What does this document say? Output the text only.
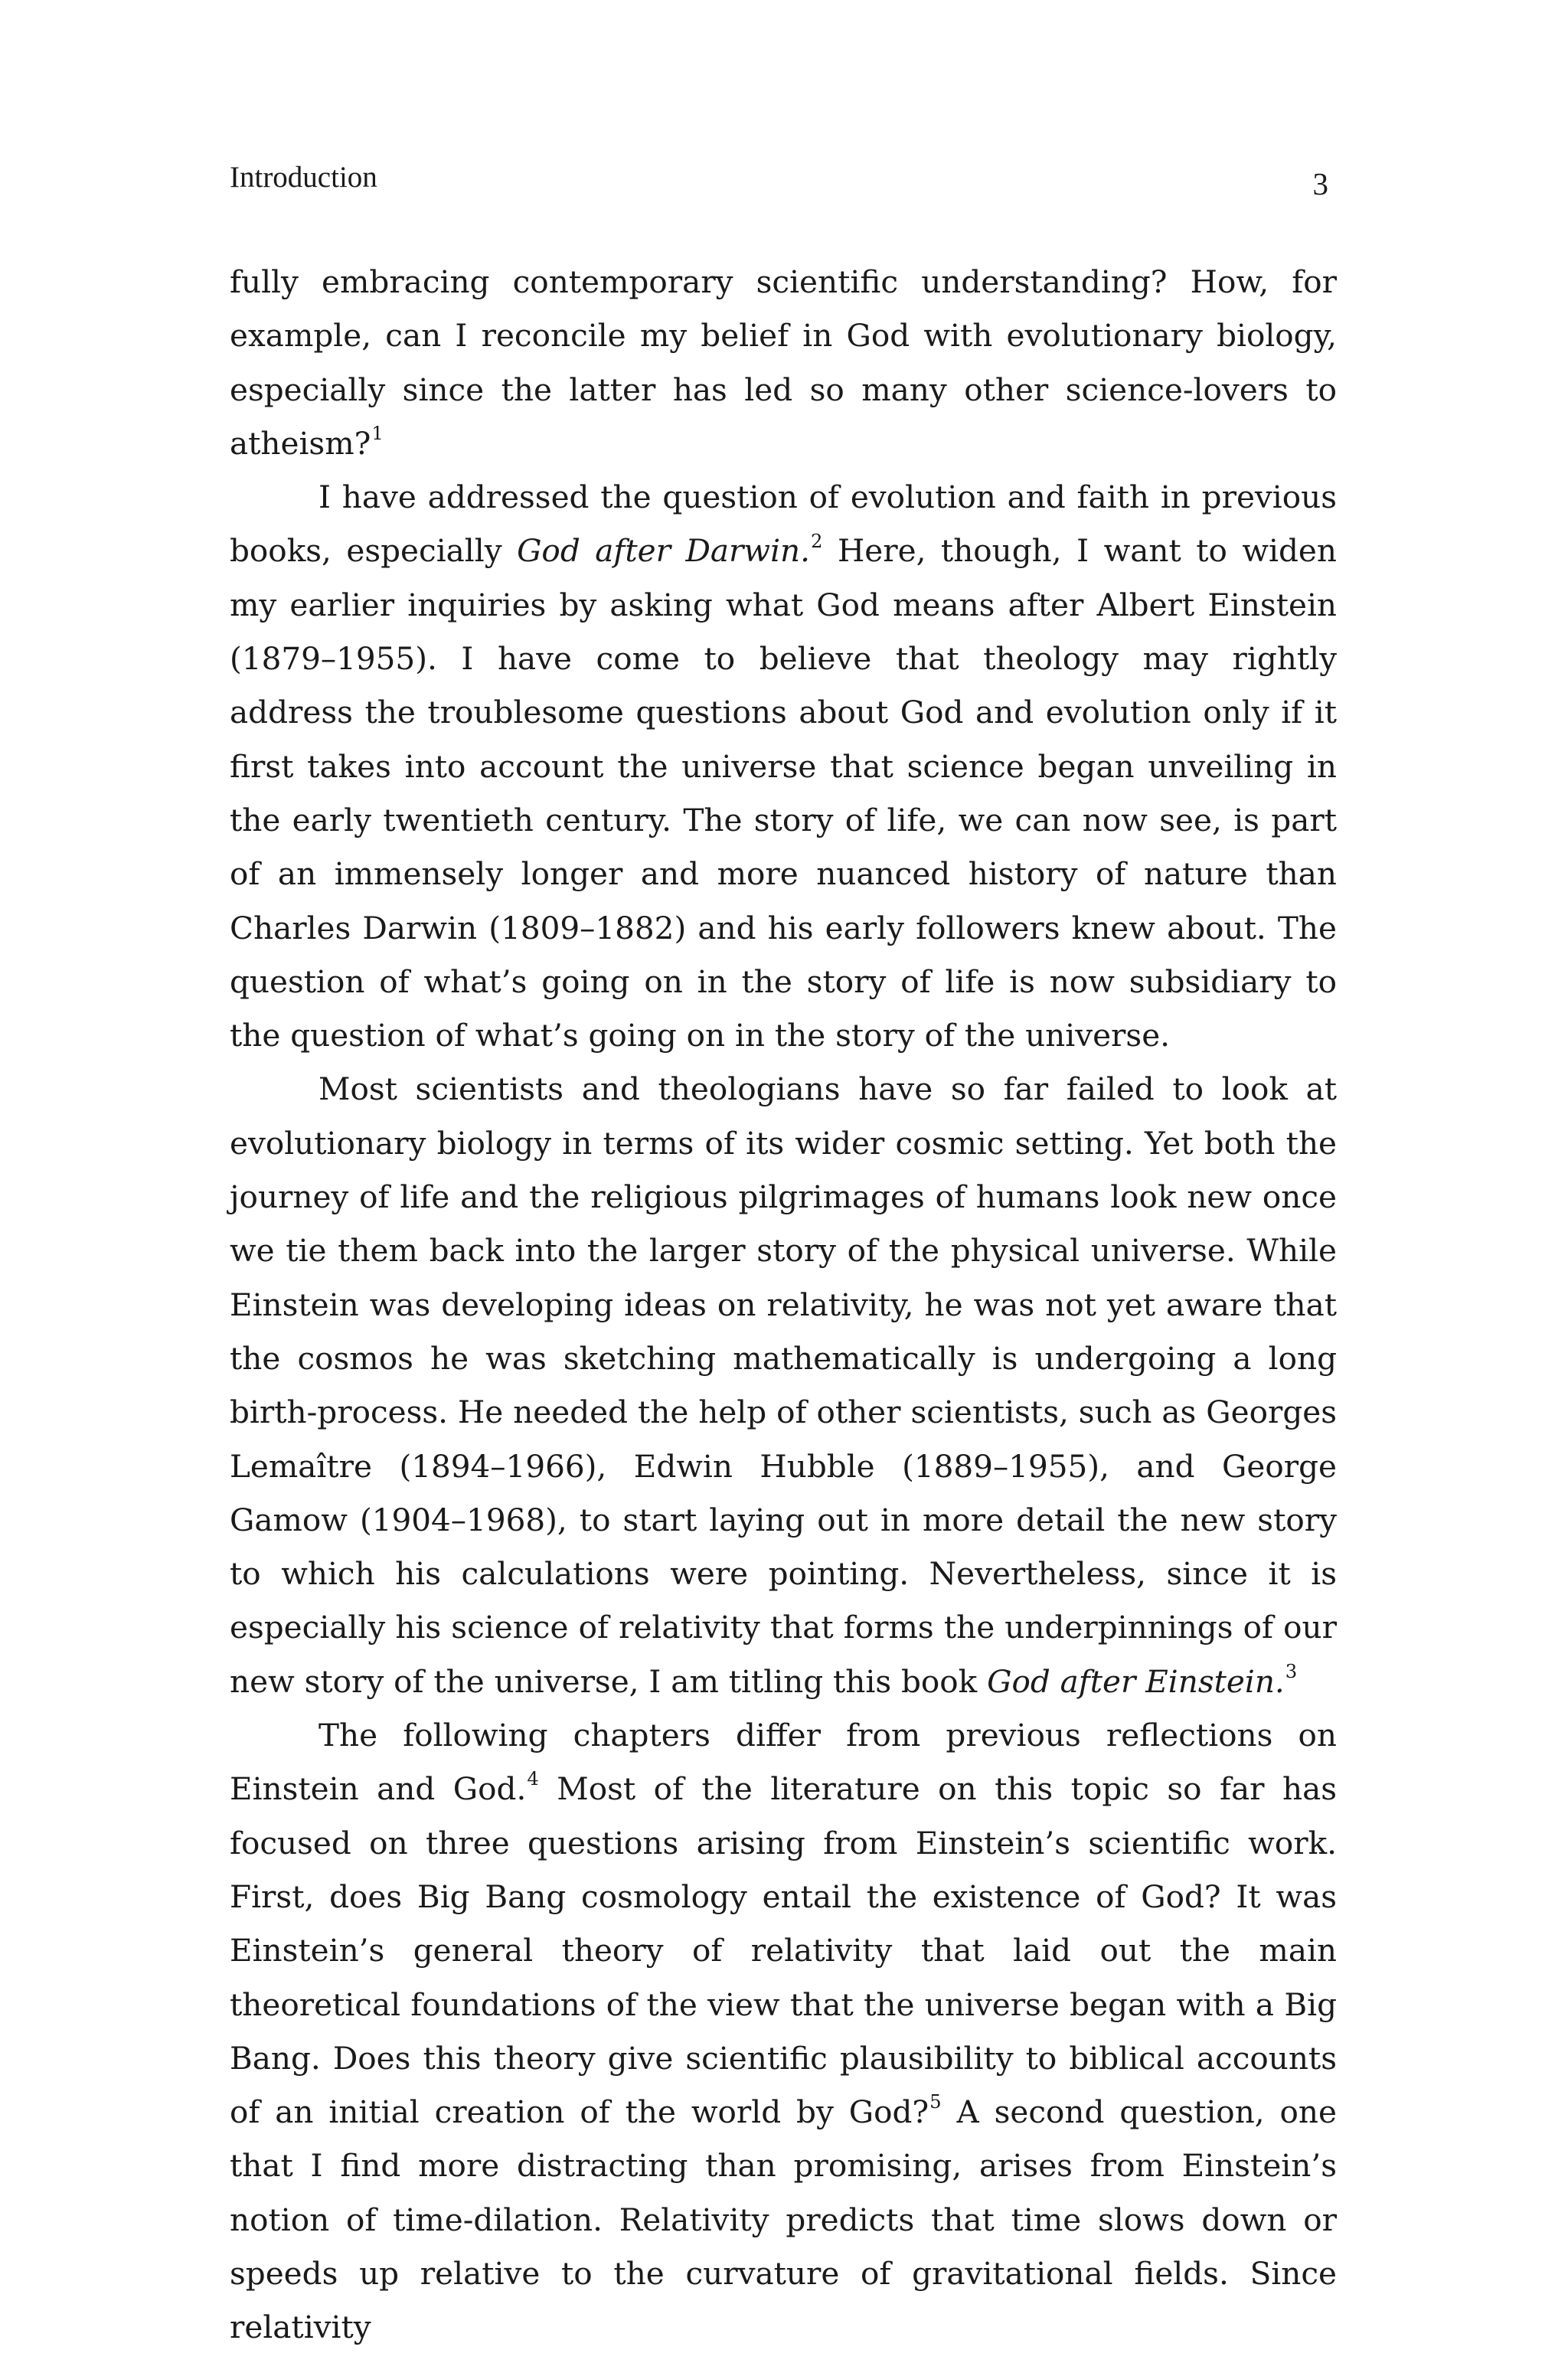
Introduction	3

fully embracing contemporary scientific understanding? How, for example, can I reconcile my belief in God with evolutionary biology, especially since the latter has led so many other science-lovers to atheism?$^1$

I have addressed the question of evolution and faith in previous books, especially God after Darwin.$^2$ Here, though, I want to widen my earlier inquiries by asking what God means after Albert Einstein (1879–1955). I have come to believe that theology may rightly address the troublesome questions about God and evolution only if it first takes into account the universe that science began unveiling in the early twentieth century. The story of life, we can now see, is part of an immensely longer and more nuanced history of nature than Charles Darwin (1809–1882) and his early followers knew about. The question of what’s going on in the story of life is now subsidiary to the question of what’s going on in the story of the universe.

Most scientists and theologians have so far failed to look at evolutionary biology in terms of its wider cosmic setting. Yet both the journey of life and the religious pilgrimages of humans look new once we tie them back into the larger story of the physical universe. While Einstein was developing ideas on relativity, he was not yet aware that the cosmos he was sketching mathematically is undergoing a long birth-process. He needed the help of other scientists, such as Georges Lemaître (1894–1966), Edwin Hubble (1889–1955), and George Gamow (1904–1968), to start laying out in more detail the new story to which his calculations were pointing. Nevertheless, since it is especially his science of relativity that forms the underpinnings of our new story of the universe, I am titling this book God after Einstein.$^3$

The following chapters differ from previous reflections on Einstein and God.$^4$ Most of the literature on this topic so far has focused on three questions arising from Einstein’s scientific work. First, does Big Bang cosmology entail the existence of God? It was Einstein’s general theory of relativity that laid out the main theoretical foundations of the view that the universe began with a Big Bang. Does this theory give scientific plausibility to biblical accounts of an initial creation of the world by God?$^5$ A second question, one that I find more distracting than promising, arises from Einstein’s notion of time-dilation. Relativity predicts that time slows down or speeds up relative to the curvature of gravitational fields. Since relativity
